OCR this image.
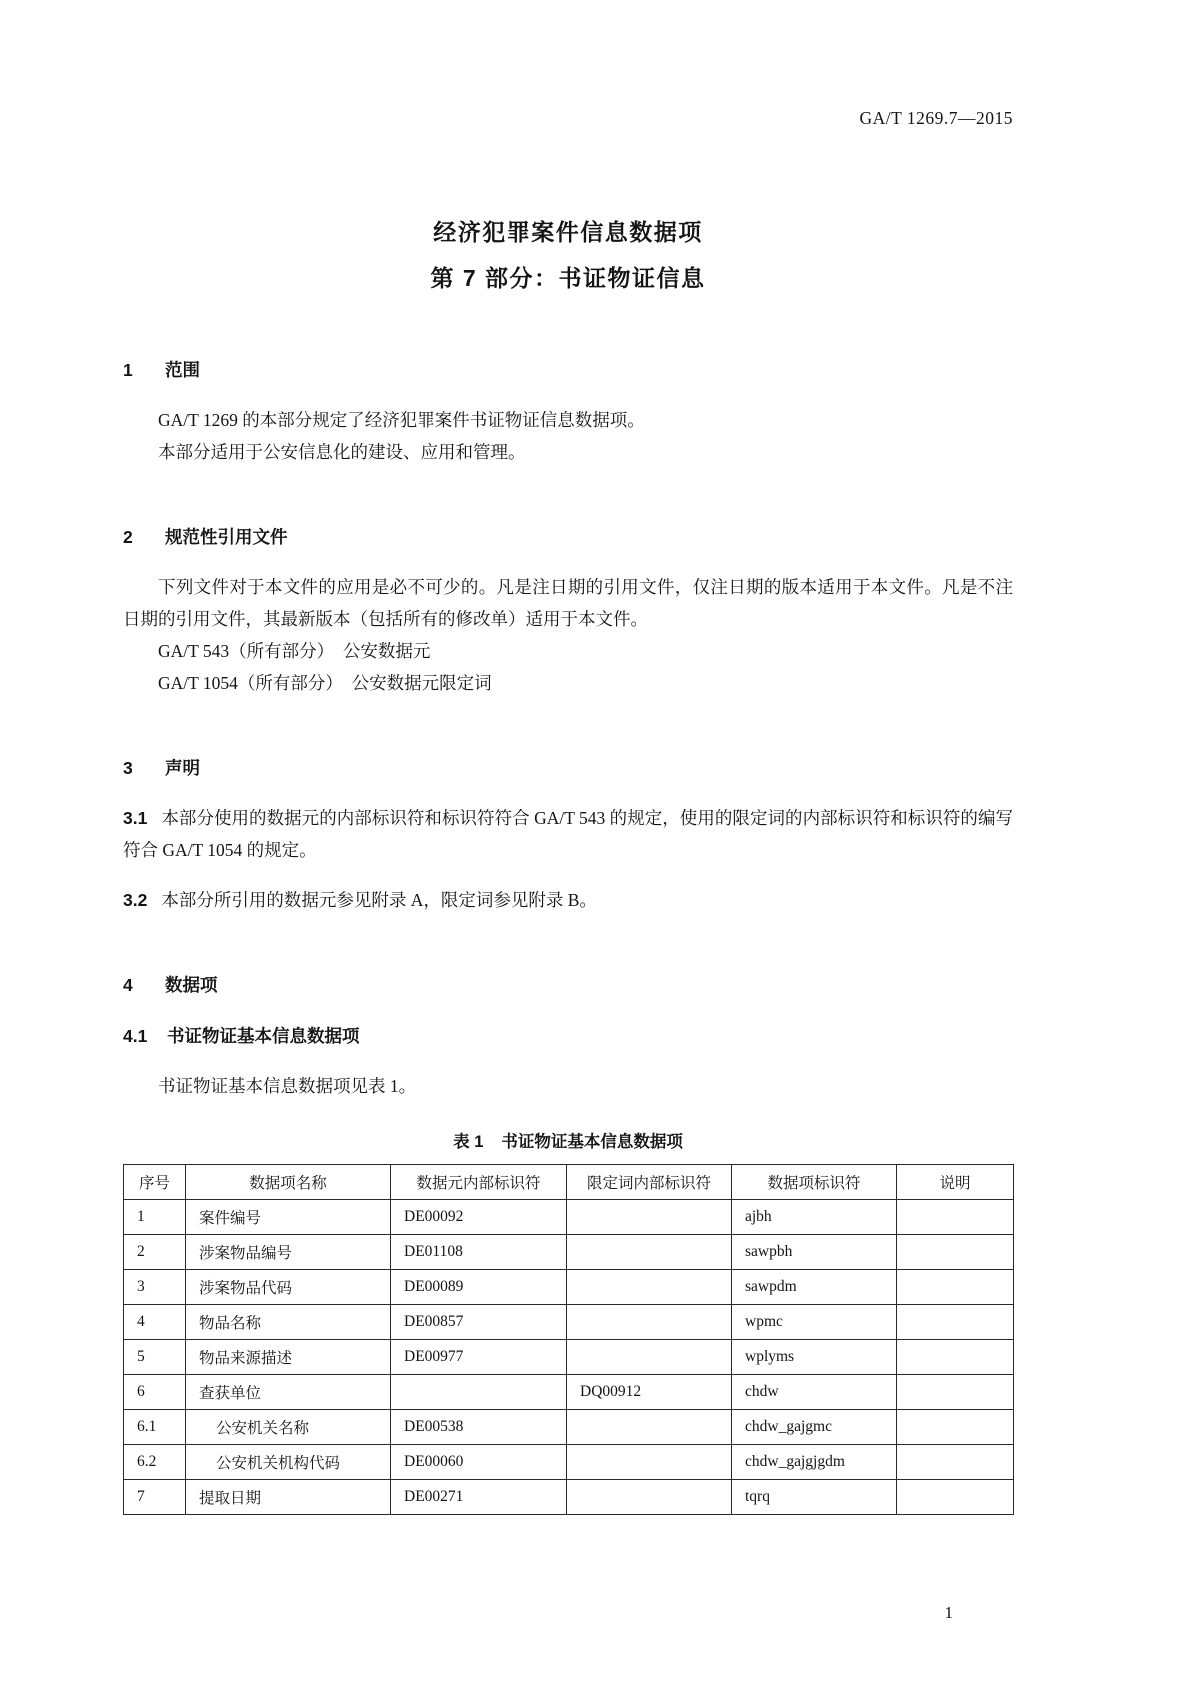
GA/T 1269.7—2015
经济犯罪案件信息数据项
第 7 部分：书证物证信息
1	范围

GA/T 1269 的本部分规定了经济犯罪案件书证物证信息数据项。

本部分适用于公安信息化的建设、应用和管理。

2	规范性引用文件

下列文件对于本文件的应用是必不可少的。凡是注日期的引用文件，仅注日期的版本适用于本文件。凡是不注日期的引用文件，其最新版本（包括所有的修改单）适用于本文件。

GA/T 543（所有部分）　公安数据元

GA/T 1054（所有部分）　公安数据元限定词

3	声明

3.1 本部分使用的数据元的内部标识符和标识符符合 GA/T 543 的规定，使用的限定词的内部标识符和标识符的编写符合 GA/T 1054 的规定。

3.2 本部分所引用的数据元参见附录 A，限定词参见附录 B。

4	数据项
4.1	书证物证基本信息数据项

书证物证基本信息数据项见表 1。

表 1 书证物证基本信息数据项
序号	数据项名称	数据元内部标识符	限定词内部标识符	数据项标识符	说明
1	案件编号	DE00092		ajbh	
2	涉案物品编号	DE01108		sawpbh	
3	涉案物品代码	DE00089		sawpdm	
4	物品名称	DE00857		wpmc	
5	物品来源描述	DE00977		wplyms	
6	查获单位		DQ00912	chdw	
6.1	公安机关名称	DE00538		chdw_gajgmc	
6.2	公安机关机构代码	DE00060		chdw_gajgjgdm	
7	提取日期	DE00271		tqrq	
1
